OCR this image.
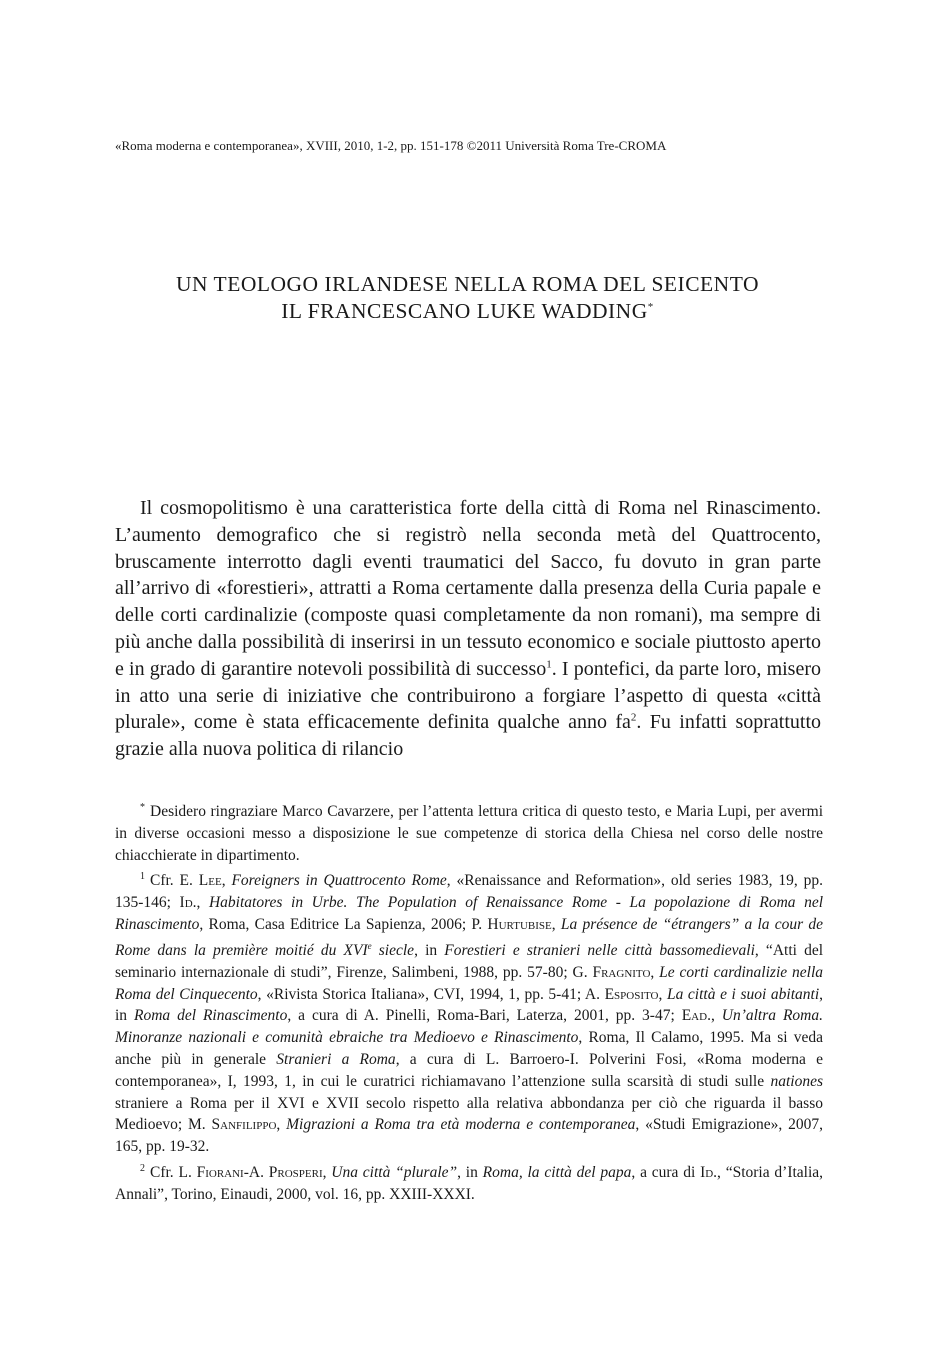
«Roma moderna e contemporanea», XVIII, 2010, 1-2, pp. 151-178 ©2011 Università Roma Tre-CROMA
UN TEOLOGO IRLANDESE NELLA ROMA DEL SEICENTO
IL FRANCESCANO LUKE WADDING*

Il cosmopolitismo è una caratteristica forte della città di Roma nel Rinascimento. L’aumento demografico che si registrò nella seconda metà del Quattrocento, bruscamente interrotto dagli eventi traumatici del Sacco, fu dovuto in gran parte all’arrivo di «forestieri», attratti a Roma certamente dalla presenza della Curia papale e delle corti cardinalizie (composte quasi completamente da non romani), ma sempre di più anche dalla possibilità di inserirsi in un tessuto economico e sociale piuttosto aperto e in grado di garantire notevoli possibilità di successo$^1$. I pontefici, da parte loro, misero in atto una serie di iniziative che contribuirono a forgiare l’aspetto di questa «città plurale», come è stata efficacemente definita qualche anno $fa^2$. Fu infatti soprattutto grazie alla nuova politica di rilancio

* Desidero ringraziare Marco Cavarzere, per l’attenta lettura critica di questo testo, e Maria Lupi, per avermi in diverse occasioni messo a disposizione le sue competenze di storica della Chiesa nel corso delle nostre chiacchierate in dipartimento.

$^1$ Cfr. E. Lee, Foreigners in Quattrocento Rome, «Renaissance and Reformation», old series 1983, 19, pp. 135-146; Id., Habitatores in Urbe. The Population of Renaissance Rome - La popolazione di Roma nel Rinascimento, Roma, Casa Editrice La Sapienza, 2006; P. Hurtubise, La présence de “étrangers” a la cour de Rome dans la première moitié du XVIe siecle, in Forestieri e stranieri nelle città bassomedievali, “Atti del seminario internazionale di studi”, Firenze, Salimbeni, 1988, pp. 57-80; G. Fragnito, Le corti cardinalizie nella Roma del Cinquecento, «Rivista Storica Italiana», CVI, 1994, 1, pp. 5-41; A. Esposito, La città e i suoi abitanti, in Roma del Rinascimento, a cura di A. Pinelli, Roma-Bari, Laterza, 2001, pp. 3-47; Ead., Un’altra Roma. Minoranze nazionali e comunità ebraiche tra Medioevo e Rinascimento, Roma, Il Calamo, 1995. Ma si veda anche più in generale Stranieri a Roma, a cura di L. Barroero-I. Polverini Fosi, «Roma moderna e contemporanea», I, 1993, 1, in cui le curatrici richiamavano l’attenzione sulla scarsità di studi sulle nationes straniere a Roma per il XVI e XVII secolo rispetto alla relativa abbondanza per ciò che riguarda il basso Medioevo; M. Sanfilippo, Migrazioni a Roma tra età moderna e contemporanea, «Studi Emigrazione», 2007, 165, pp. 19-32.

$^2$ Cfr. L. Fiorani-A. Prosperi, Una città “plurale”, in Roma, la città del papa, a cura di Id., “Storia d’Italia, Annali”, Torino, Einaudi, 2000, vol. 16, pp. XXIII-XXXI.
